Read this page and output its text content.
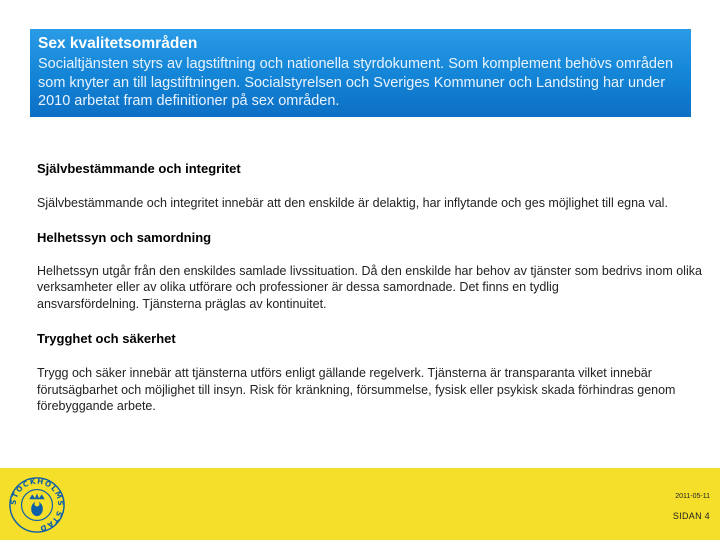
Sex kvalitetsområden
Socialtjänsten styrs av lagstiftning och nationella styrdokument. Som komplement behövs områden som knyter an till lagstiftningen. Socialstyrelsen och Sveriges Kommuner och Landsting har under 2010 arbetat fram definitioner på sex områden.
Självbestämmande och integritet
Självbestämmande och integritet innebär att den enskilde är delaktig, har inflytande och ges möjlighet till egna val.
Helhetssyn och samordning
Helhetssyn utgår från den enskildes samlade livssituation. Då den enskilde har behov av tjänster som bedrivs inom olika verksamheter eller av olika utförare och professioner är dessa samordnade. Det finns en tydlig
ansvarsfördelning. Tjänsterna präglas av kontinuitet.
Trygghet och säkerhet
Trygg och säker innebär att tjänsterna utförs enligt gällande regelverk. Tjänsterna är transparanta vilket innebär förutsägbarhet och möjlighet till insyn. Risk för kränkning, försummelse, fysisk eller psykisk skada förhindras genom förebyggande arbete.
STOCKHOLMS STAD
2011-05-11
SIDAN 4
